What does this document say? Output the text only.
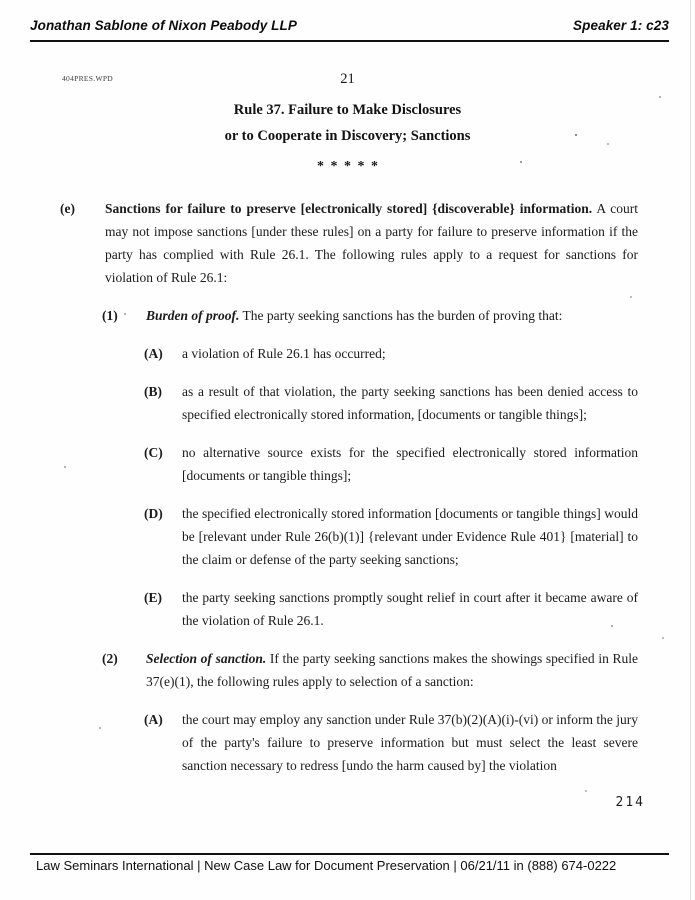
Jonathan Sablone of Nixon Peabody LLP	Speaker 1: c23
404PRES.WPD	21
Rule 37. Failure to Make Disclosures
or to Cooperate in Discovery; Sanctions
* * * * *
(e)	Sanctions for failure to preserve [electronically stored] {discoverable} information. A court may not impose sanctions [under these rules] on a party for failure to preserve information if the party has complied with Rule 26.1. The following rules apply to a request for sanctions for violation of Rule 26.1:
(1)	Burden of proof. The party seeking sanctions has the burden of proving that:
(A)	a violation of Rule 26.1 has occurred;
(B)	as a result of that violation, the party seeking sanctions has been denied access to specified electronically stored information, [documents or tangible things];
(C)	no alternative source exists for the specified electronically stored information [documents or tangible things];
(D)	the specified electronically stored information [documents or tangible things] would be [relevant under Rule 26(b)(1)] {relevant under Evidence Rule 401} [material] to the claim or defense of the party seeking sanctions;
(E)	the party seeking sanctions promptly sought relief in court after it became aware of the violation of Rule 26.1.
(2)	Selection of sanction. If the party seeking sanctions makes the showings specified in Rule 37(e)(1), the following rules apply to selection of a sanction:
(A)	the court may employ any sanction under Rule 37(b)(2)(A)(i)-(vi) or inform the jury of the party's failure to preserve information but must select the least severe sanction necessary to redress [undo the harm caused by] the violation
214
Law Seminars International | New Case Law for Document Preservation | 06/21/11 in (888) 674-0222
